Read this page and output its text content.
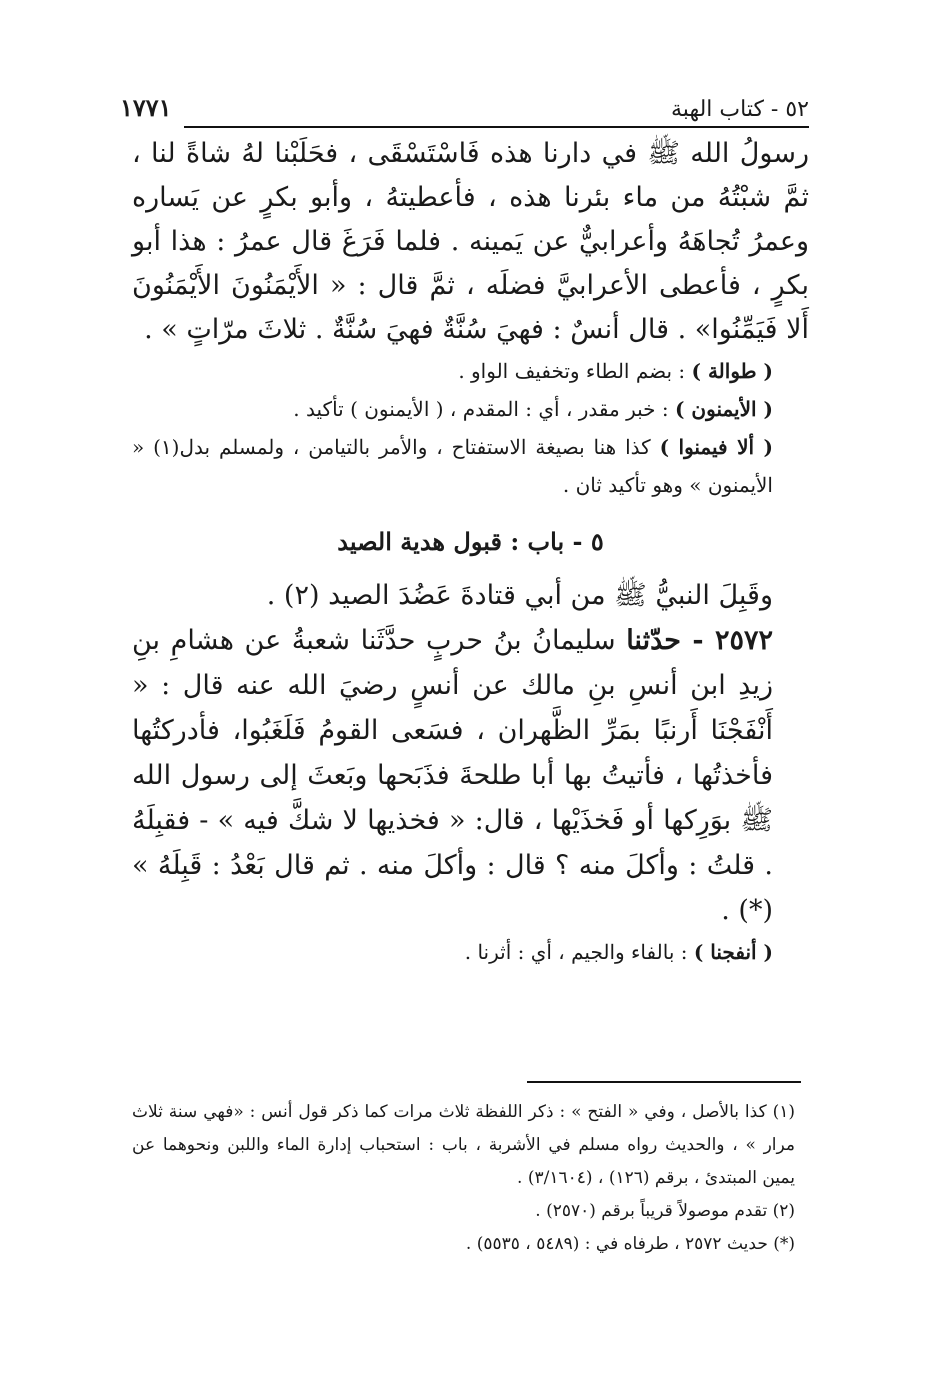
٥٢ - كتاب الهبة
١٧٧١

رسولُ الله ﷺ في دارنا هذه فَاسْتَسْقَى ، فحَلَبْنا لهُ شاةً لنا ، ثمَّ شبْتُهُ من ماء بئرنا هذه ، فأعطيتهُ ، وأبو بكرٍ عن يَساره وعمرُ تُجاهَهُ وأعرابيٌّ عن يَمينه . فلما فَرَغَ قال عمرُ : هذا أبو بكرٍ ، فأعطى الأعرابيَّ فضلَه ، ثمَّ قال : « الأَيْمَنُونَ الأَيْمَنُونَ أَلا فَيَمِّنُوا» . قال أنسٌ : فهيَ سُنَّةٌ فهيَ سُنَّةٌ . ثلاثَ مرّاتٍ » .

( طوالة ) : بضم الطاء وتخفيف الواو .

( الأيمنون ) : خبر مقدر ، أي : المقدم ، ( الأيمنون ) تأكيد .

( ألا فيمنوا ) كذا هنا بصيغة الاستفتاح ، والأمر بالتيامن ، ولمسلم بدل(١) « الأيمنون » وهو تأكيد ثان .

٥ - باب : قبول هدية الصيد

وقَبِلَ النبيُّ ﷺ من أبي قتادةَ عَضُدَ الصيد (٢) .

٢٥٧٢ - حدّثنا سليمانُ بنُ حربٍ حدَّثَنا شعبةُ عن هشامِ بنِ زيدِ ابن أنسِ بنِ مالك عن أنسٍ رضيَ الله عنه قال : « أَنْفَجْنَا أَرنبًا بمَرِّ الظَّهران ، فسَعى القومُ فَلَغَبُوا، فأدركتُها فأخذتُها ، فأتيتُ بها أبا طلحةَ فذَبَحها وبَعثَ إلى رسول الله ﷺ بوَرِكها أو فَخذَيْها ، قال: « فخذيها لا شكَّ فيه » - فقبِلَهُ . قلتُ : وأكلَ منه ؟ قال : وأكلَ منه . ثم قال بَعْدُ : قَبِلَهُ » (*) .

( أنفجنا ) : بالفاء والجيم ، أي : أثرنا .

(١) كذا بالأصل ، وفي « الفتح » : ذكر اللفظة ثلاث مرات كما ذكر قول أنس : «فهي سنة ثلاث مرار » ، والحديث رواه مسلم في الأشربة ، باب : استحباب إدارة الماء واللبن ونحوهما عن يمين المبتدئ ، برقم (١٢٦) ، (٣/١٦٠٤) .

(٢) تقدم موصولاً قريباً برقم (٢٥٧٠) .

(*) حديث ٢٥٧٢ ، طرفاه في : (٥٤٨٩ ، ٥٥٣٥) .
